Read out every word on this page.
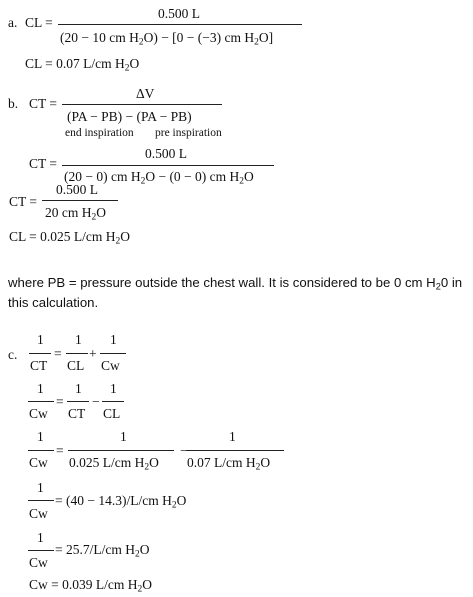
a. CL =
0.500 L
(20 − 10 cm $H_2O) - [0 - (-3)$ cm $H_2O$]
CL = 0.07 L/cm $H_2O$
b. CT =
ΔV
(PA − PB) − (PA − PB)
end inspiration pre inspiration
CT =
0.500 L
(20 − 0) cm $H_2O - (0 - 0)$ cm $H_2O$
CT =
0.500 L
20 cm $H_2O$
CL = 0.025 L/cm $H_2O$
where PB = pressure outside the chest wall. It is considered to be 0 cm $H_20$ in
this calculation.
c.
1
CT
=
1
CL
+
1
Cw
1
Cw
=
1
CT
−
1
CL
1
Cw
=
1
0.025 L/cm $H_2O$
−
1
0.07 L/cm $H_2O$
1
Cw
= (40 − 14.3)/L/cm $H_2O$
1
Cw
= 25.7/L/cm $H_2O$
Cw = 0.039 L/cm $H_2O$
